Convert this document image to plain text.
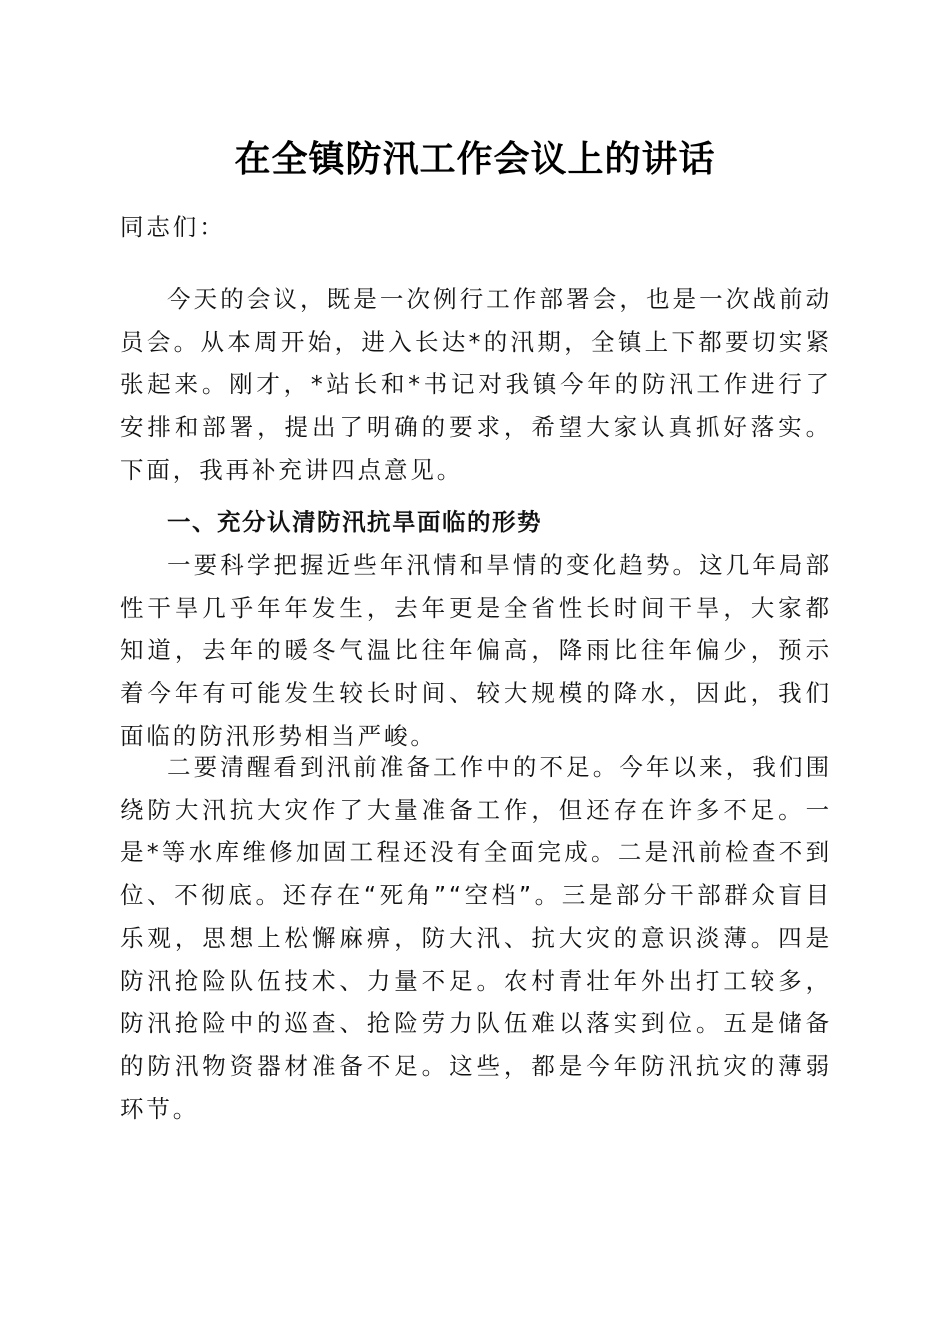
在全镇防汛工作会议上的讲话
同志们：
今天的会议，既是一次例行工作部署会，也是一次战前动员会。从本周开始，进入长达*的汛期，全镇上下都要切实紧张起来。刚才，*站长和*书记对我镇今年的防汛工作进行了安排和部署，提出了明确的要求，希望大家认真抓好落实。下面，我再补充讲四点意见。
一、充分认清防汛抗旱面临的形势
一要科学把握近些年汛情和旱情的变化趋势。这几年局部性干旱几乎年年发生，去年更是全省性长时间干旱，大家都知道，去年的暖冬气温比往年偏高，降雨比往年偏少，预示着今年有可能发生较长时间、较大规模的降水，因此，我们面临的防汛形势相当严峻。
二要清醒看到汛前准备工作中的不足。今年以来，我们围绕防大汛抗大灾作了大量准备工作，但还存在许多不足。一是*等水库维修加固工程还没有全面完成。二是汛前检查不到位、不彻底。还存在“死角”“空档”。三是部分干部群众盲目乐观，思想上松懈麻痹，防大汛、抗大灾的意识淡薄。四是防汛抢险队伍技术、力量不足。农村青壮年外出打工较多，防汛抢险中的巡查、抢险劳力队伍难以落实到位。五是储备的防汛物资器材准备不足。这些，都是今年防汛抗灾的薄弱环节。
